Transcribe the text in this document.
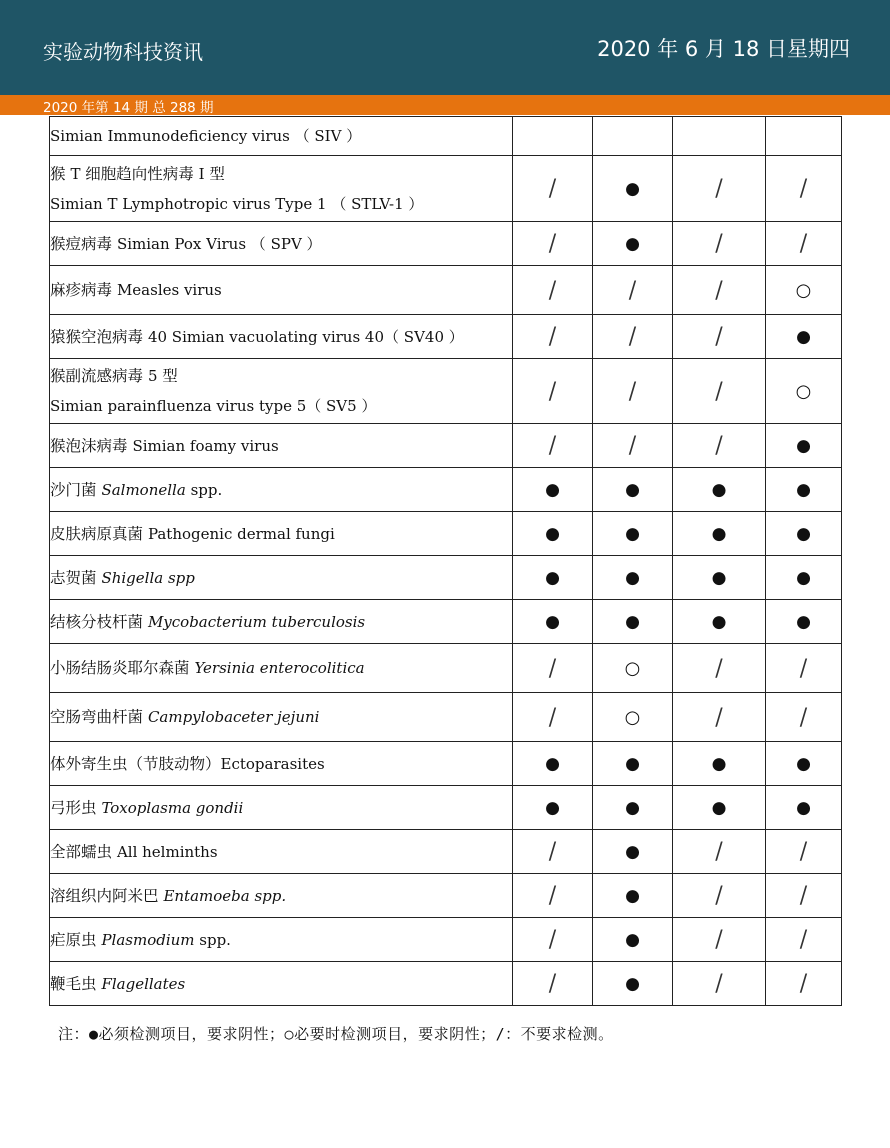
实验动物科技资讯	2020 年 6 月 18 日星期四
2020 年第 14 期 总 288 期
Simian Immunodeficiency virus （ SIV ）				
猴 T 细胞趋向性病毒 I 型
Simian T Lymphotropic virus Type 1 （ STLV-1 ）	/	●	/	/
猴痘病毒 Simian Pox Virus （ SPV ）	/	●	/	/
麻疹病毒 Measles virus	/	/	/	○
猿猴空泡病毒 40 Simian vacuolating virus 40（ SV40 ）	/	/	/	●
猴副流感病毒 5 型
Simian parainfluenza virus type 5（ SV5 ）	/	/	/	○
猴泡沫病毒 Simian foamy virus	/	/	/	●
沙门菌 Salmonella spp.	●	●	●	●
皮肤病原真菌 Pathogenic dermal fungi	●	●	●	●
志贺菌 Shigella spp	●	●	●	●
结核分枝杆菌 Mycobacterium tuberculosis	●	●	●	●
小肠结肠炎耶尔森菌 Yersinia enterocolitica	/	○	/	/
空肠弯曲杆菌 Campylobaceter jejuni	/	○	/	/
体外寄生虫（节肢动物）Ectoparasites	●	●	●	●
弓形虫 Toxoplasma gondii	●	●	●	●
全部蠕虫 All helminths	/	●	/	/
溶组织内阿米巴 Entamoeba spp.	/	●	/	/
疟原虫 Plasmodium spp.	/	●	/	/
鞭毛虫 Flagellates	/	●	/	/
注：●必须检测项目，要求阴性；○必要时检测项目，要求阴性；/：不要求检测。
